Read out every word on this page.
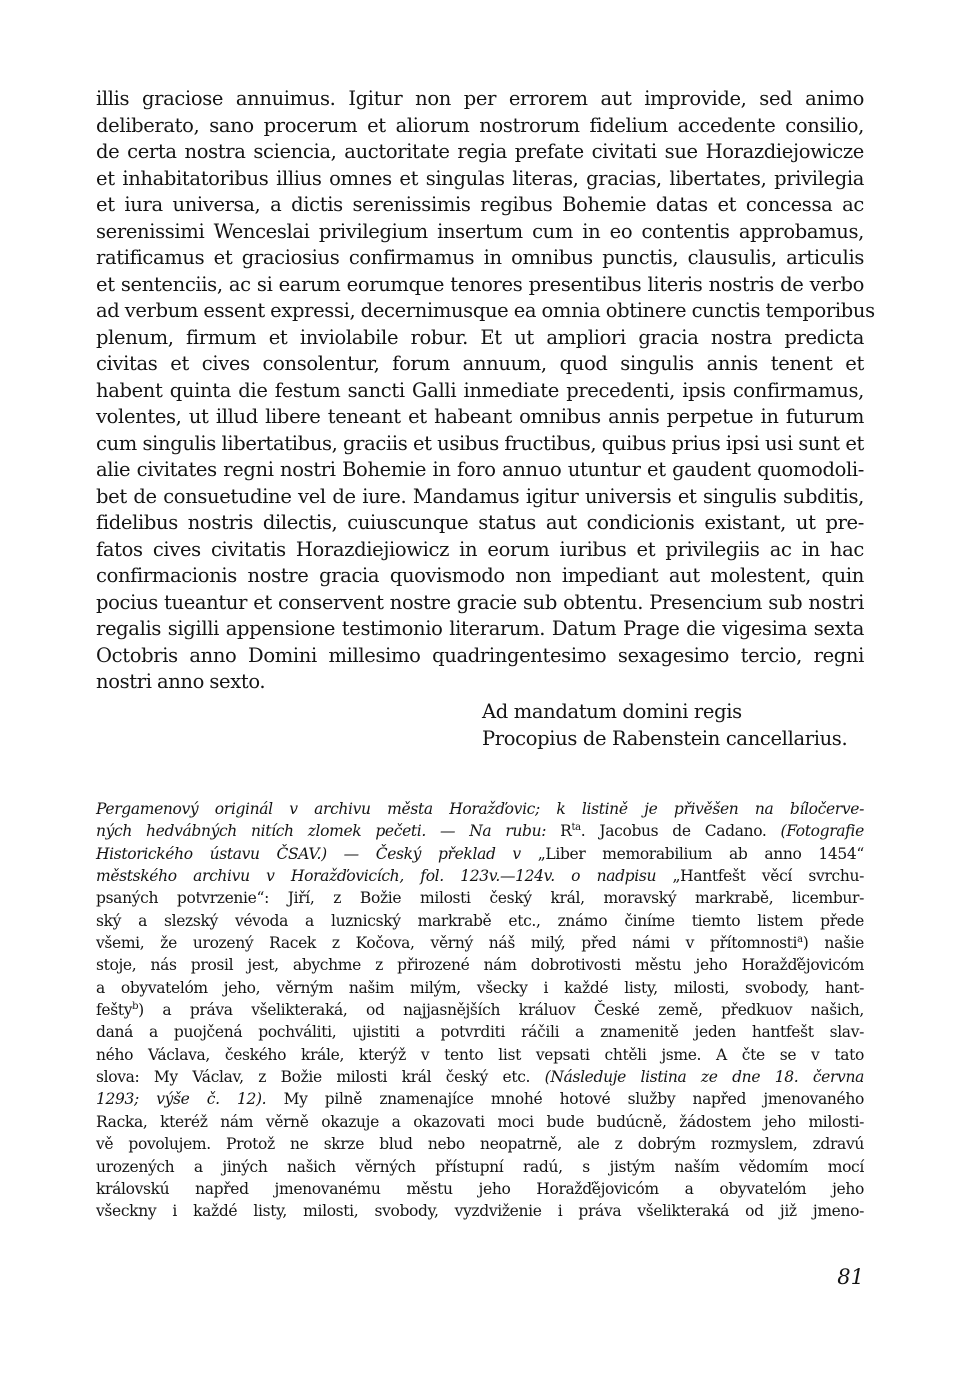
illis graciose annuimus. Igitur non per errorem aut improvide, sed animo
deliberato, sano procerum et aliorum nostrorum fidelium accedente consilio,
de certa nostra sciencia, auctoritate regia prefate civitati sue Horazdiejowicze
et inhabitatoribus illius omnes et singulas literas, gracias, libertates, privilegia
et iura universa, a dictis serenissimis regibus Bohemie datas et concessa ac
serenissimi Wenceslai privilegium insertum cum in eo contentis approbamus,
ratificamus et graciosius confirmamus in omnibus punctis, clausulis, articulis
et sentenciis, ac si earum eorumque tenores presentibus literis nostris de verbo
ad verbum essent expressi, decernimusque ea omnia obtinere cunctis temporibus
plenum, firmum et inviolabile robur. Et ut ampliori gracia nostra predicta
civitas et cives consolentur, forum annuum, quod singulis annis tenent et
habent quinta die festum sancti Galli inmediate precedenti, ipsis confirmamus,
volentes, ut illud libere teneant et habeant omnibus annis perpetue in futurum
cum singulis libertatibus, graciis et usibus fructibus, quibus prius ipsi usi sunt et
alie civitates regni nostri Bohemie in foro annuo utuntur et gaudent quomodoli-
bet de consuetudine vel de iure. Mandamus igitur universis et singulis subditis,
fidelibus nostris dilectis, cuiuscunque status aut condicionis existant, ut pre-
fatos cives civitatis Horazdiejiowicz in eorum iuribus et privilegiis ac in hac
confirmacionis nostre gracia quovismodo non impediant aut molestent, quin
pocius tueantur et conservent nostre gracie sub obtentu. Presencium sub nostri
regalis sigilli appensione testimonio literarum. Datum Prage die vigesima sexta
Octobris anno Domini millesimo quadringentesimo sexagesimo tercio, regni
nostri anno sexto.
Ad mandatum domini regis
Procopius de Rabenstein cancellarius.
Pergamenový originál v archivu města Horažďovic; k listině je přivěšen na bíločerve-
ných hedvábných nitích zlomek pečeti. — Na rubu: $R^{ta}$. Jacobus de Cadano. (Fotografie
Historického ústavu ČSAV.) — Český překlad v „Liber memorabilium ab anno 1454“
městského archivu v Horažďovicích, fol. 123v.—124v. o nadpisu „Hantfešt věcí svrchu-
psaných potvrzenie“: Jiří, z Božie milosti český král, moravský markrabě, licembur-
ský a slezský vévoda a luznicský markrabě etc., známo činíme tiemto listem přede
všemi, že urozený Racek z Kočova, věrný náš milý, před námi v přítomnosti$^a$) našie
stoje, nás prosil jest, abychme z přirozené nám dobrotivosti městu jeho Horažďějovicóm
a obyvatelóm jeho, věrným našim milým, všecky i každé listy, milosti, svobody, hant-
fešty$^b$) a práva všelikteraká, od najjasnějších králuov České země, předkuov našich,
daná a puojčená pochváliti, ujistiti a potvrditi ráčili a znamenitě jeden hantfešt slav-
ného Václava, českého krále, kterýž v tento list vepsati chtěli jsme. A čte se v tato
slova: My Václav, z Božie milosti král český etc. (Následuje listina ze dne 18. června
1293; výše č. 12). My pilně znamenajíce mnohé hotové služby napřed jmenovaného
Racka, kteréž nám věrně okazuje a okazovati moci bude budúcně, žádostem jeho milosti-
vě povolujem. Protož ne skrze blud nebo neopatrně, ale z dobrým rozmyslem, zdravú
urozených a jiných našich věrných přístupní radú, s jistým naším vědomím mocí
královskú napřed jmenovanému městu jeho Horažďějovicóm a obyvatelóm jeho
všeckny i každé listy, milosti, svobody, vyzdviženie i práva všelikteraká od již jmeno-
81
